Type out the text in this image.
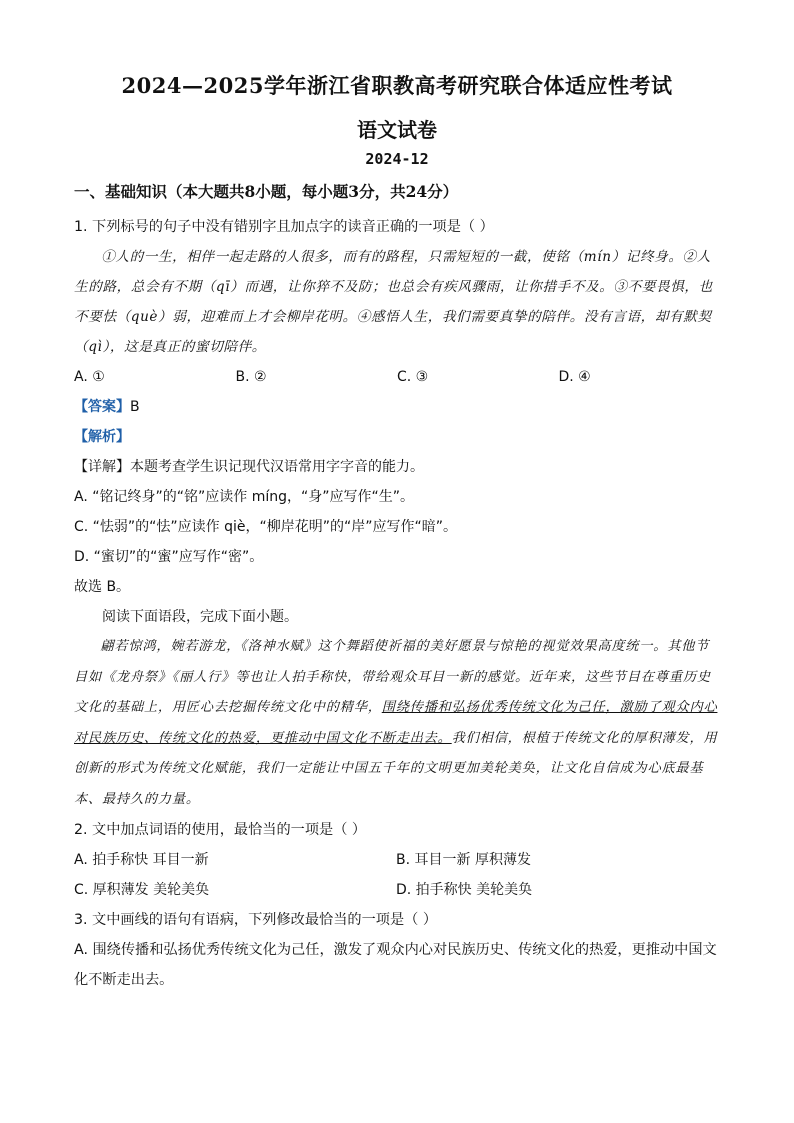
2024—2025学年浙江省职教高考研究联合体适应性考试
语文试卷
2024-12
一、基础知识（本大题共8小题，每小题3分，共24分）
1. 下列标号的句子中没有错别字且加点字的读音正确的一项是（ ）
①人的一生，相伴一起走路的人很多，而有的路程，只需短短的一截，使铭（mín）记终身。②人生的路，总会有不期（qī）而遇，让你猝不及防；也总会有疾风骤雨，让你措手不及。③不要畏惧，也不要怯（què）弱，迎难而上才会柳岸花明。④感悟人生，我们需要真挚的陪伴。没有言语，却有默契（qì），这是真正的蜜切陪伴。
A. ①	B. ②	C. ③	D. ④
【答案】B
【解析】
【详解】本题考查学生识记现代汉语常用字字音的能力。
A. “铭记终身”的“铭”应读作 míng，“身”应写作“生”。
C. “怯弱”的“怯”应读作 qiè，“柳岸花明”的“岸”应写作“暗”。
D. “蜜切”的“蜜”应写作“密”。
故选 B。
阅读下面语段，完成下面小题。
翩若惊鸿，婉若游龙，《洛神水赋》这个舞蹈使祈福的美好愿景与惊艳的视觉效果高度统一。其他节目如《龙舟祭》《丽人行》等也让人拍手称快，带给观众耳目一新的感觉。近年来，这些节目在尊重历史文化的基础上，用匠心去挖掘传统文化中的精华，围绕传播和弘扬优秀传统文化为己任，激励了观众内心对民族历史、传统文化的热爱，更推动中国文化不断走出去。我们相信，根植于传统文化的厚积薄发，用创新的形式为传统文化赋能，我们一定能让中国五千年的文明更加美轮美奂，让文化自信成为心底最基本、最持久的力量。
2. 文中加点词语的使用，最恰当的一项是（ ）
A. 拍手称快 耳目一新	B. 耳目一新 厚积薄发
C. 厚积薄发 美轮美奂	D. 拍手称快 美轮美奂
3. 文中画线的语句有语病，下列修改最恰当的一项是（ ）
A. 围绕传播和弘扬优秀传统文化为己任，激发了观众内心对民族历史、传统文化的热爱，更推动中国文化不断走出去。
